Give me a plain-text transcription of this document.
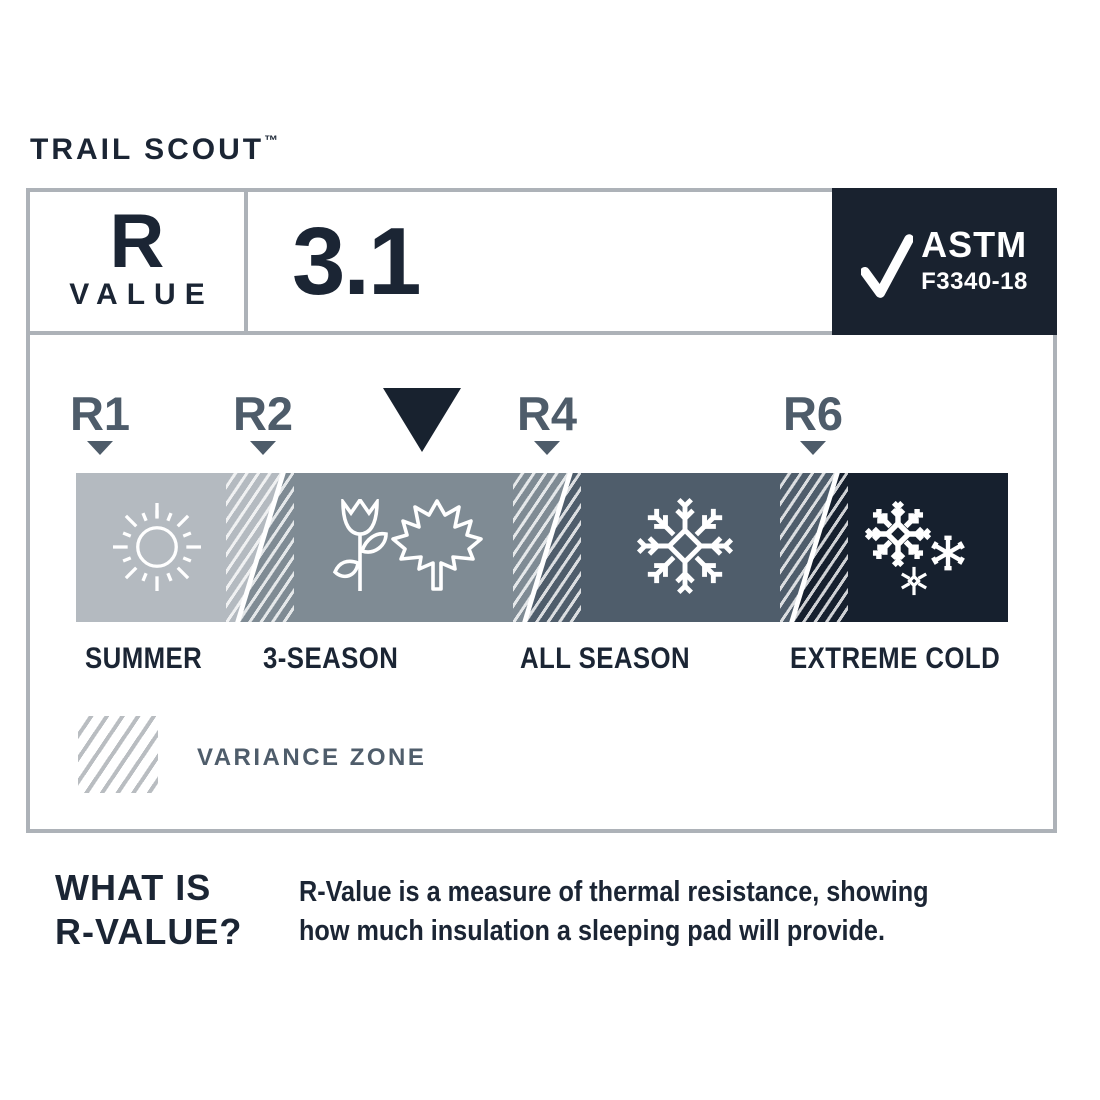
TRAIL SCOUT™
R
VALUE 3.1	ASTM
F3340-18
R1 R2	R4	R6
SUMMER 3-SEASON	ALL SEASON	EXTREME COLD
VARIANCE ZONE
WHAT IS
R-VALUE?
R-Value is a measure of thermal resistance, showing
how much insulation a sleeping pad will provide.
